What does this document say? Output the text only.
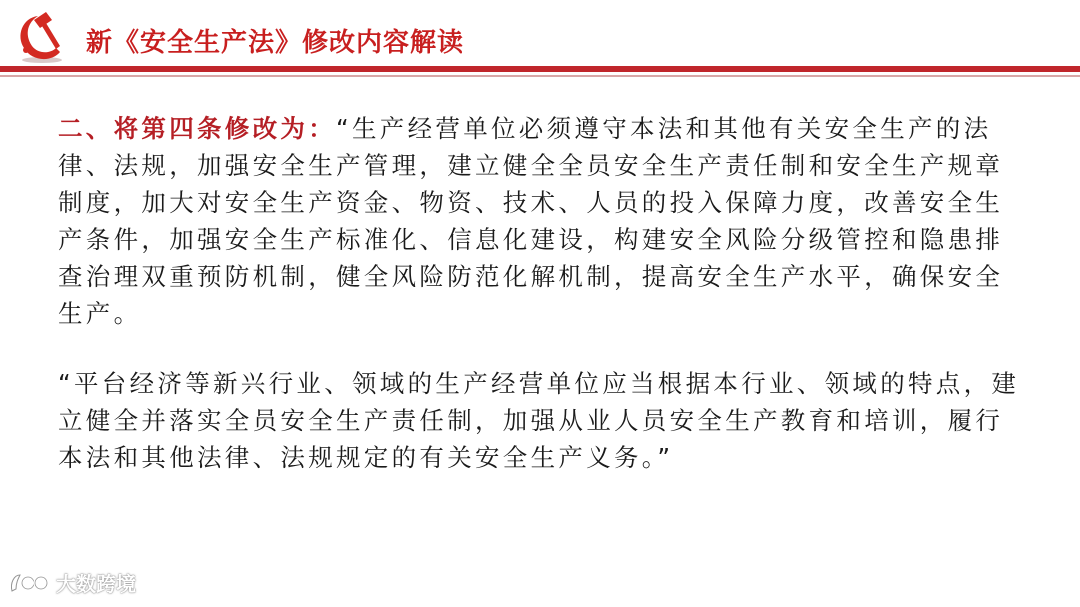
新《安全生产法》修改内容解读

二、将第四条修改为：“生产经营单位必须遵守本法和其他有关安全生产的法律、法规，加强安全生产管理，建立健全全员安全生产责任制和安全生产规章制度，加大对安全生产资金、物资、技术、人员的投入保障力度，改善安全生产条件，加强安全生产标准化、信息化建设，构建安全风险分级管控和隐患排查治理双重预防机制，健全风险防范化解机制，提高安全生产水平，确保安全生产。

“平台经济等新兴行业、领域的生产经营单位应当根据本行业、领域的特点，建立健全并落实全员安全生产责任制，加强从业人员安全生产教育和培训，履行本法和其他法律、法规规定的有关安全生产义务。”

大数跨境
